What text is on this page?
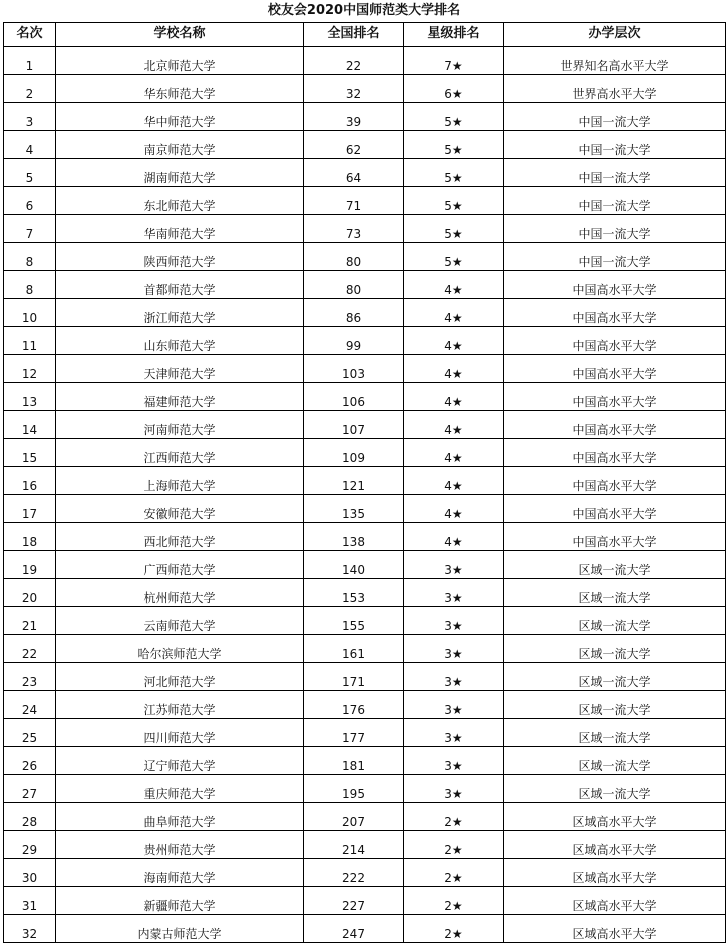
校友会2020中国师范类大学排名
名次	学校名称	全国排名	星级排名	办学层次
1	北京师范大学	22	7★	世界知名高水平大学
2	华东师范大学	32	6★	世界高水平大学
3	华中师范大学	39	5★	中国一流大学
4	南京师范大学	62	5★	中国一流大学
5	湖南师范大学	64	5★	中国一流大学
6	东北师范大学	71	5★	中国一流大学
7	华南师范大学	73	5★	中国一流大学
8	陕西师范大学	80	5★	中国一流大学
8	首都师范大学	80	4★	中国高水平大学
10	浙江师范大学	86	4★	中国高水平大学
11	山东师范大学	99	4★	中国高水平大学
12	天津师范大学	103	4★	中国高水平大学
13	福建师范大学	106	4★	中国高水平大学
14	河南师范大学	107	4★	中国高水平大学
15	江西师范大学	109	4★	中国高水平大学
16	上海师范大学	121	4★	中国高水平大学
17	安徽师范大学	135	4★	中国高水平大学
18	西北师范大学	138	4★	中国高水平大学
19	广西师范大学	140	3★	区域一流大学
20	杭州师范大学	153	3★	区域一流大学
21	云南师范大学	155	3★	区域一流大学
22	哈尔滨师范大学	161	3★	区域一流大学
23	河北师范大学	171	3★	区域一流大学
24	江苏师范大学	176	3★	区域一流大学
25	四川师范大学	177	3★	区域一流大学
26	辽宁师范大学	181	3★	区域一流大学
27	重庆师范大学	195	3★	区域一流大学
28	曲阜师范大学	207	2★	区域高水平大学
29	贵州师范大学	214	2★	区域高水平大学
30	海南师范大学	222	2★	区域高水平大学
31	新疆师范大学	227	2★	区域高水平大学
32	内蒙古师范大学	247	2★	区域高水平大学
